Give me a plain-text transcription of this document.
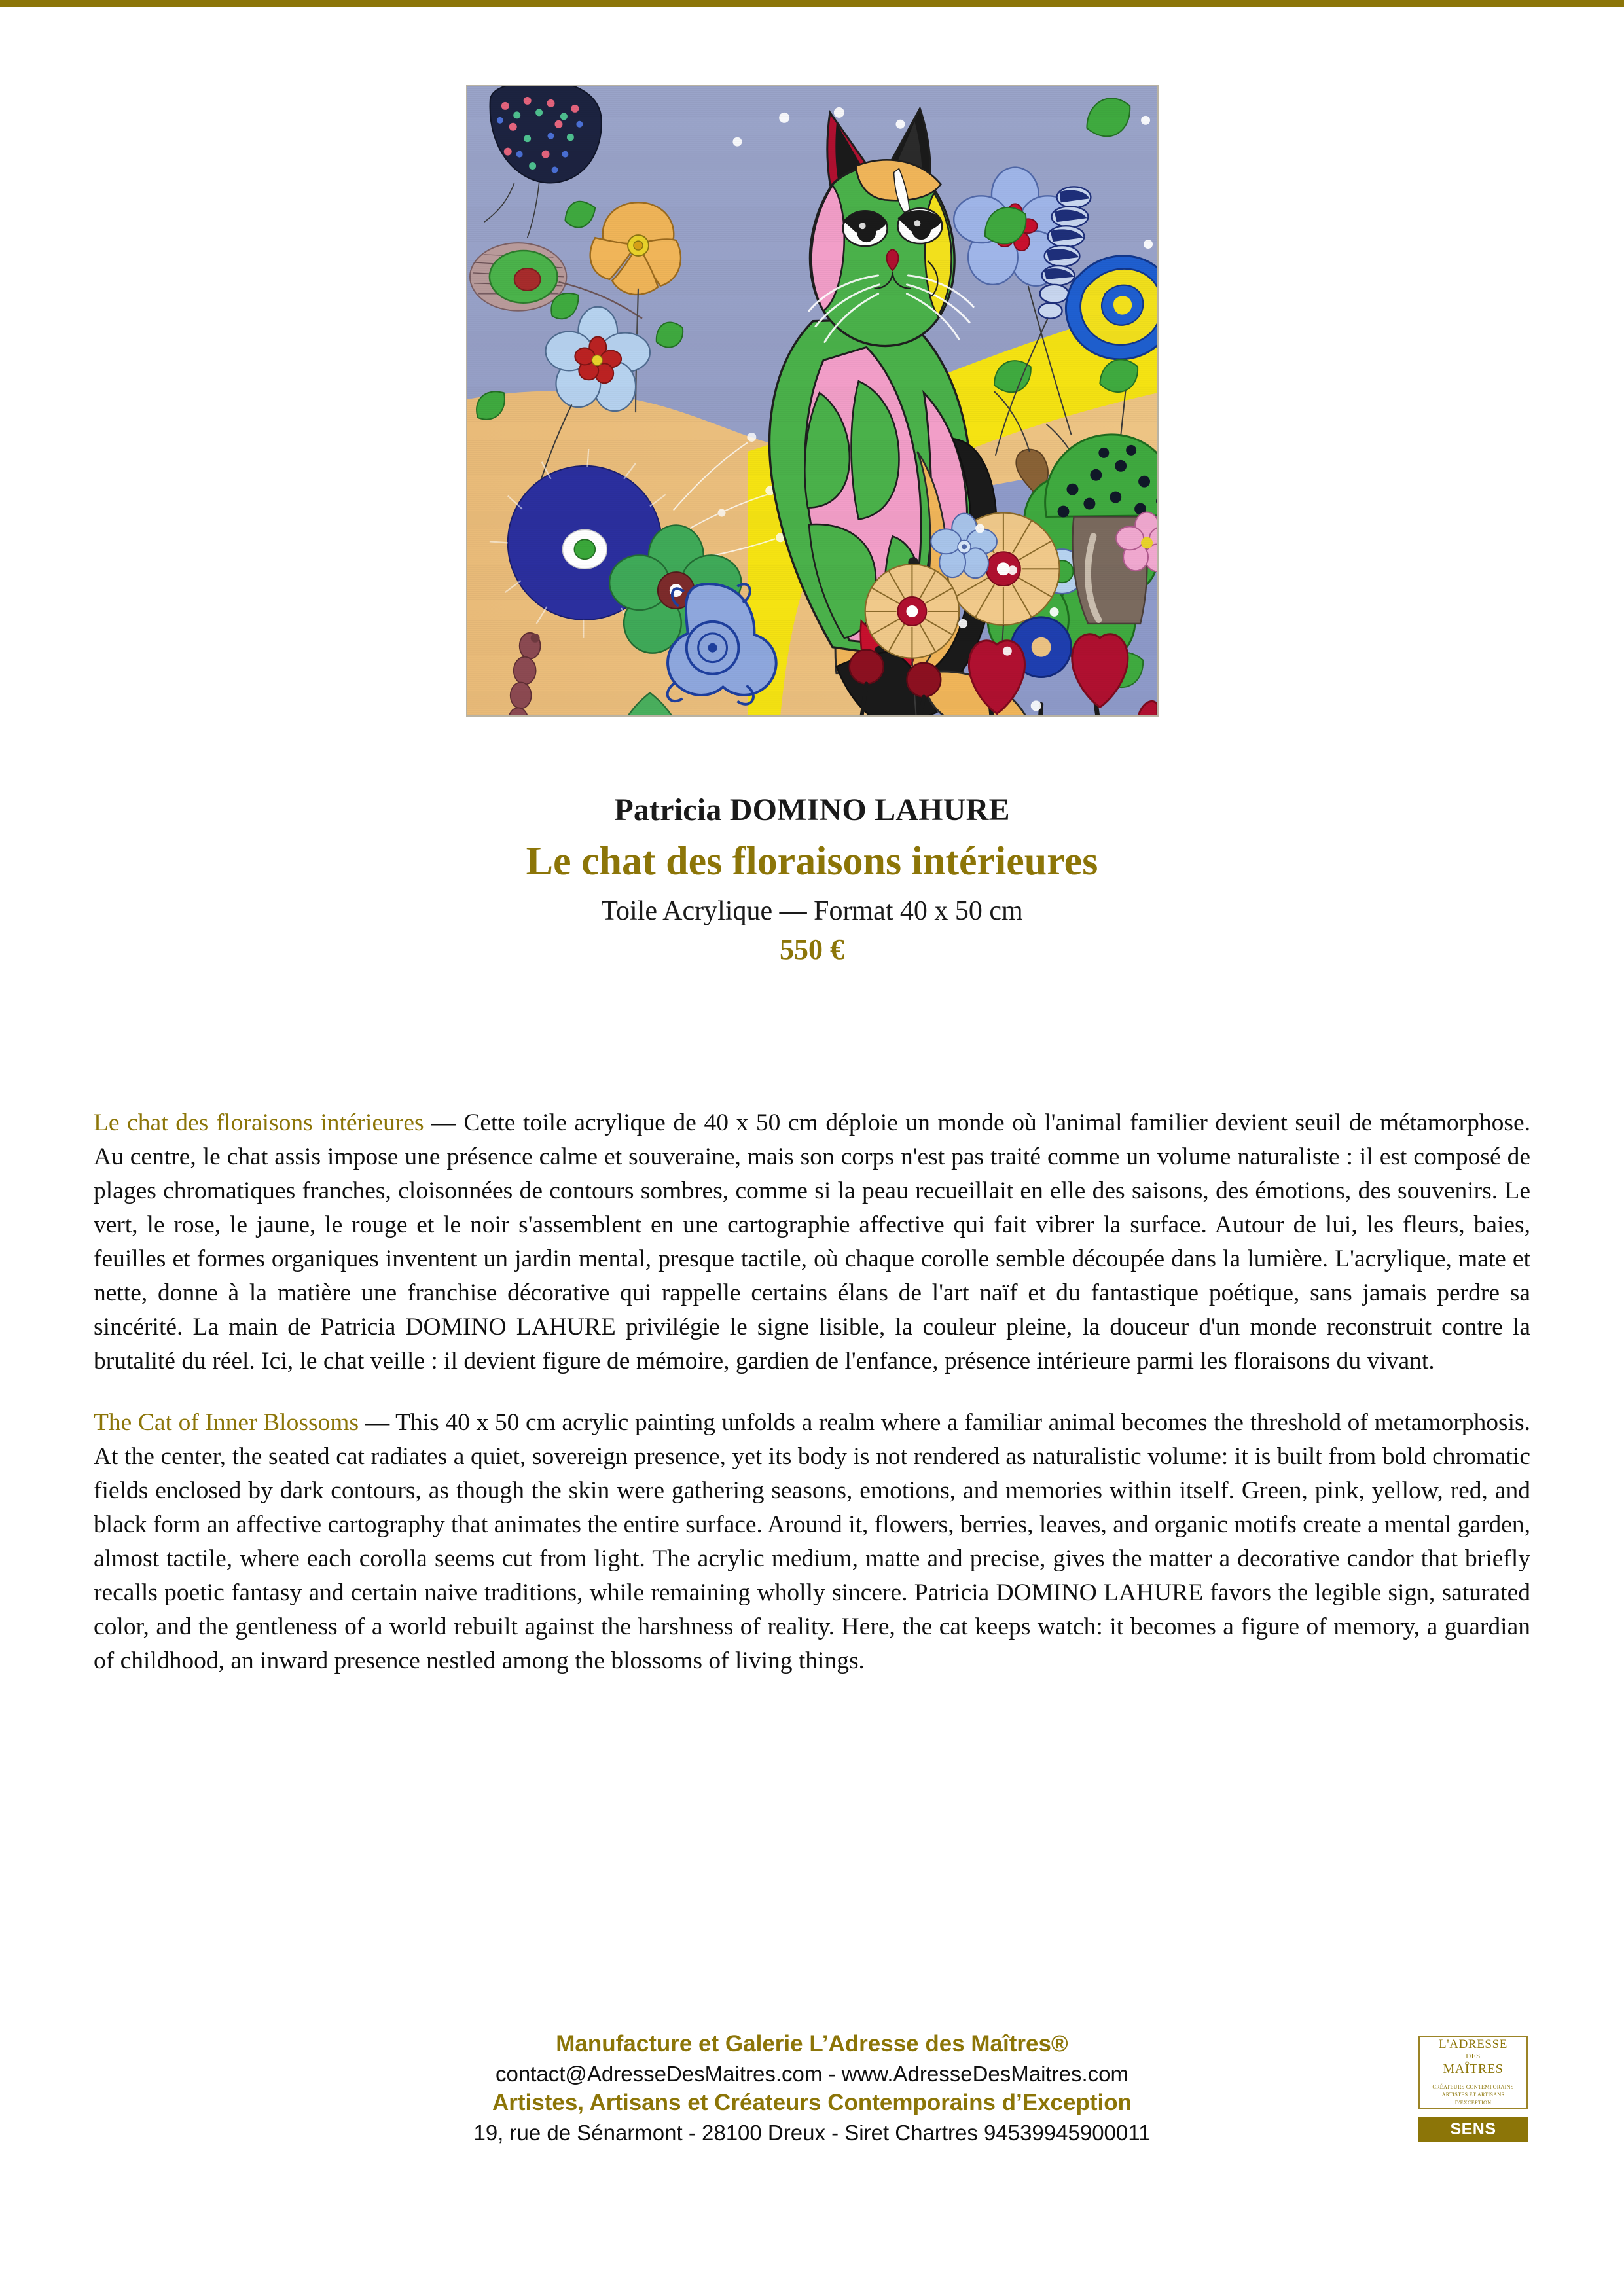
Patricia DOMINO LAHURE
Le chat des floraisons intérieures
Toile Acrylique — Format 40 x 50 cm
550 €

Le chat des floraisons intérieures — Cette toile acrylique de 40 x 50 cm déploie un monde où l'animal familier devient seuil de métamorphose. Au centre, le chat assis impose une présence calme et souveraine, mais son corps n'est pas traité comme un volume naturaliste : il est composé de plages chromatiques franches, cloisonnées de contours sombres, comme si la peau recueillait en elle des saisons, des émotions, des souvenirs. Le vert, le rose, le jaune, le rouge et le noir s'assemblent en une cartographie affective qui fait vibrer la surface. Autour de lui, les fleurs, baies, feuilles et formes organiques inventent un jardin mental, presque tactile, où chaque corolle semble découpée dans la lumière. L'acrylique, mate et nette, donne à la matière une franchise décorative qui rappelle certains élans de l'art naïf et du fantastique poétique, sans jamais perdre sa sincérité. La main de Patricia DOMINO LAHURE privilégie le signe lisible, la couleur pleine, la douceur d'un monde reconstruit contre la brutalité du réel. Ici, le chat veille : il devient figure de mémoire, gardien de l'enfance, présence intérieure parmi les floraisons du vivant.

The Cat of Inner Blossoms — This 40 x 50 cm acrylic painting unfolds a realm where a familiar animal becomes the threshold of metamorphosis. At the center, the seated cat radiates a quiet, sovereign presence, yet its body is not rendered as naturalistic volume: it is built from bold chromatic fields enclosed by dark contours, as though the skin were gathering seasons, emotions, and memories within itself. Green, pink, yellow, red, and black form an affective cartography that animates the entire surface. Around it, flowers, berries, leaves, and organic motifs create a mental garden, almost tactile, where each corolla seems cut from light. The acrylic medium, matte and precise, gives the matter a decorative candor that briefly recalls poetic fantasy and certain naive traditions, while remaining wholly sincere. Patricia DOMINO LAHURE favors the legible sign, saturated color, and the gentleness of a world rebuilt against the harshness of reality. Here, the cat keeps watch: it becomes a figure of memory, a guardian of childhood, an inward presence nestled among the blossoms of living things.

Manufacture et Galerie L’Adresse des Maîtres®
contact@AdresseDesMaitres.com - www.AdresseDesMaitres.com
Artistes, Artisans et Créateurs Contemporains d’Exception
19, rue de Sénarmont - 28100 Dreux - Siret Chartres 94539945900011
L'ADRESSE
DES
MAÎTRES
CRÉATEURS CONTEMPORAINS
ARTISTES ET ARTISANS
D'EXCEPTION
SENS
